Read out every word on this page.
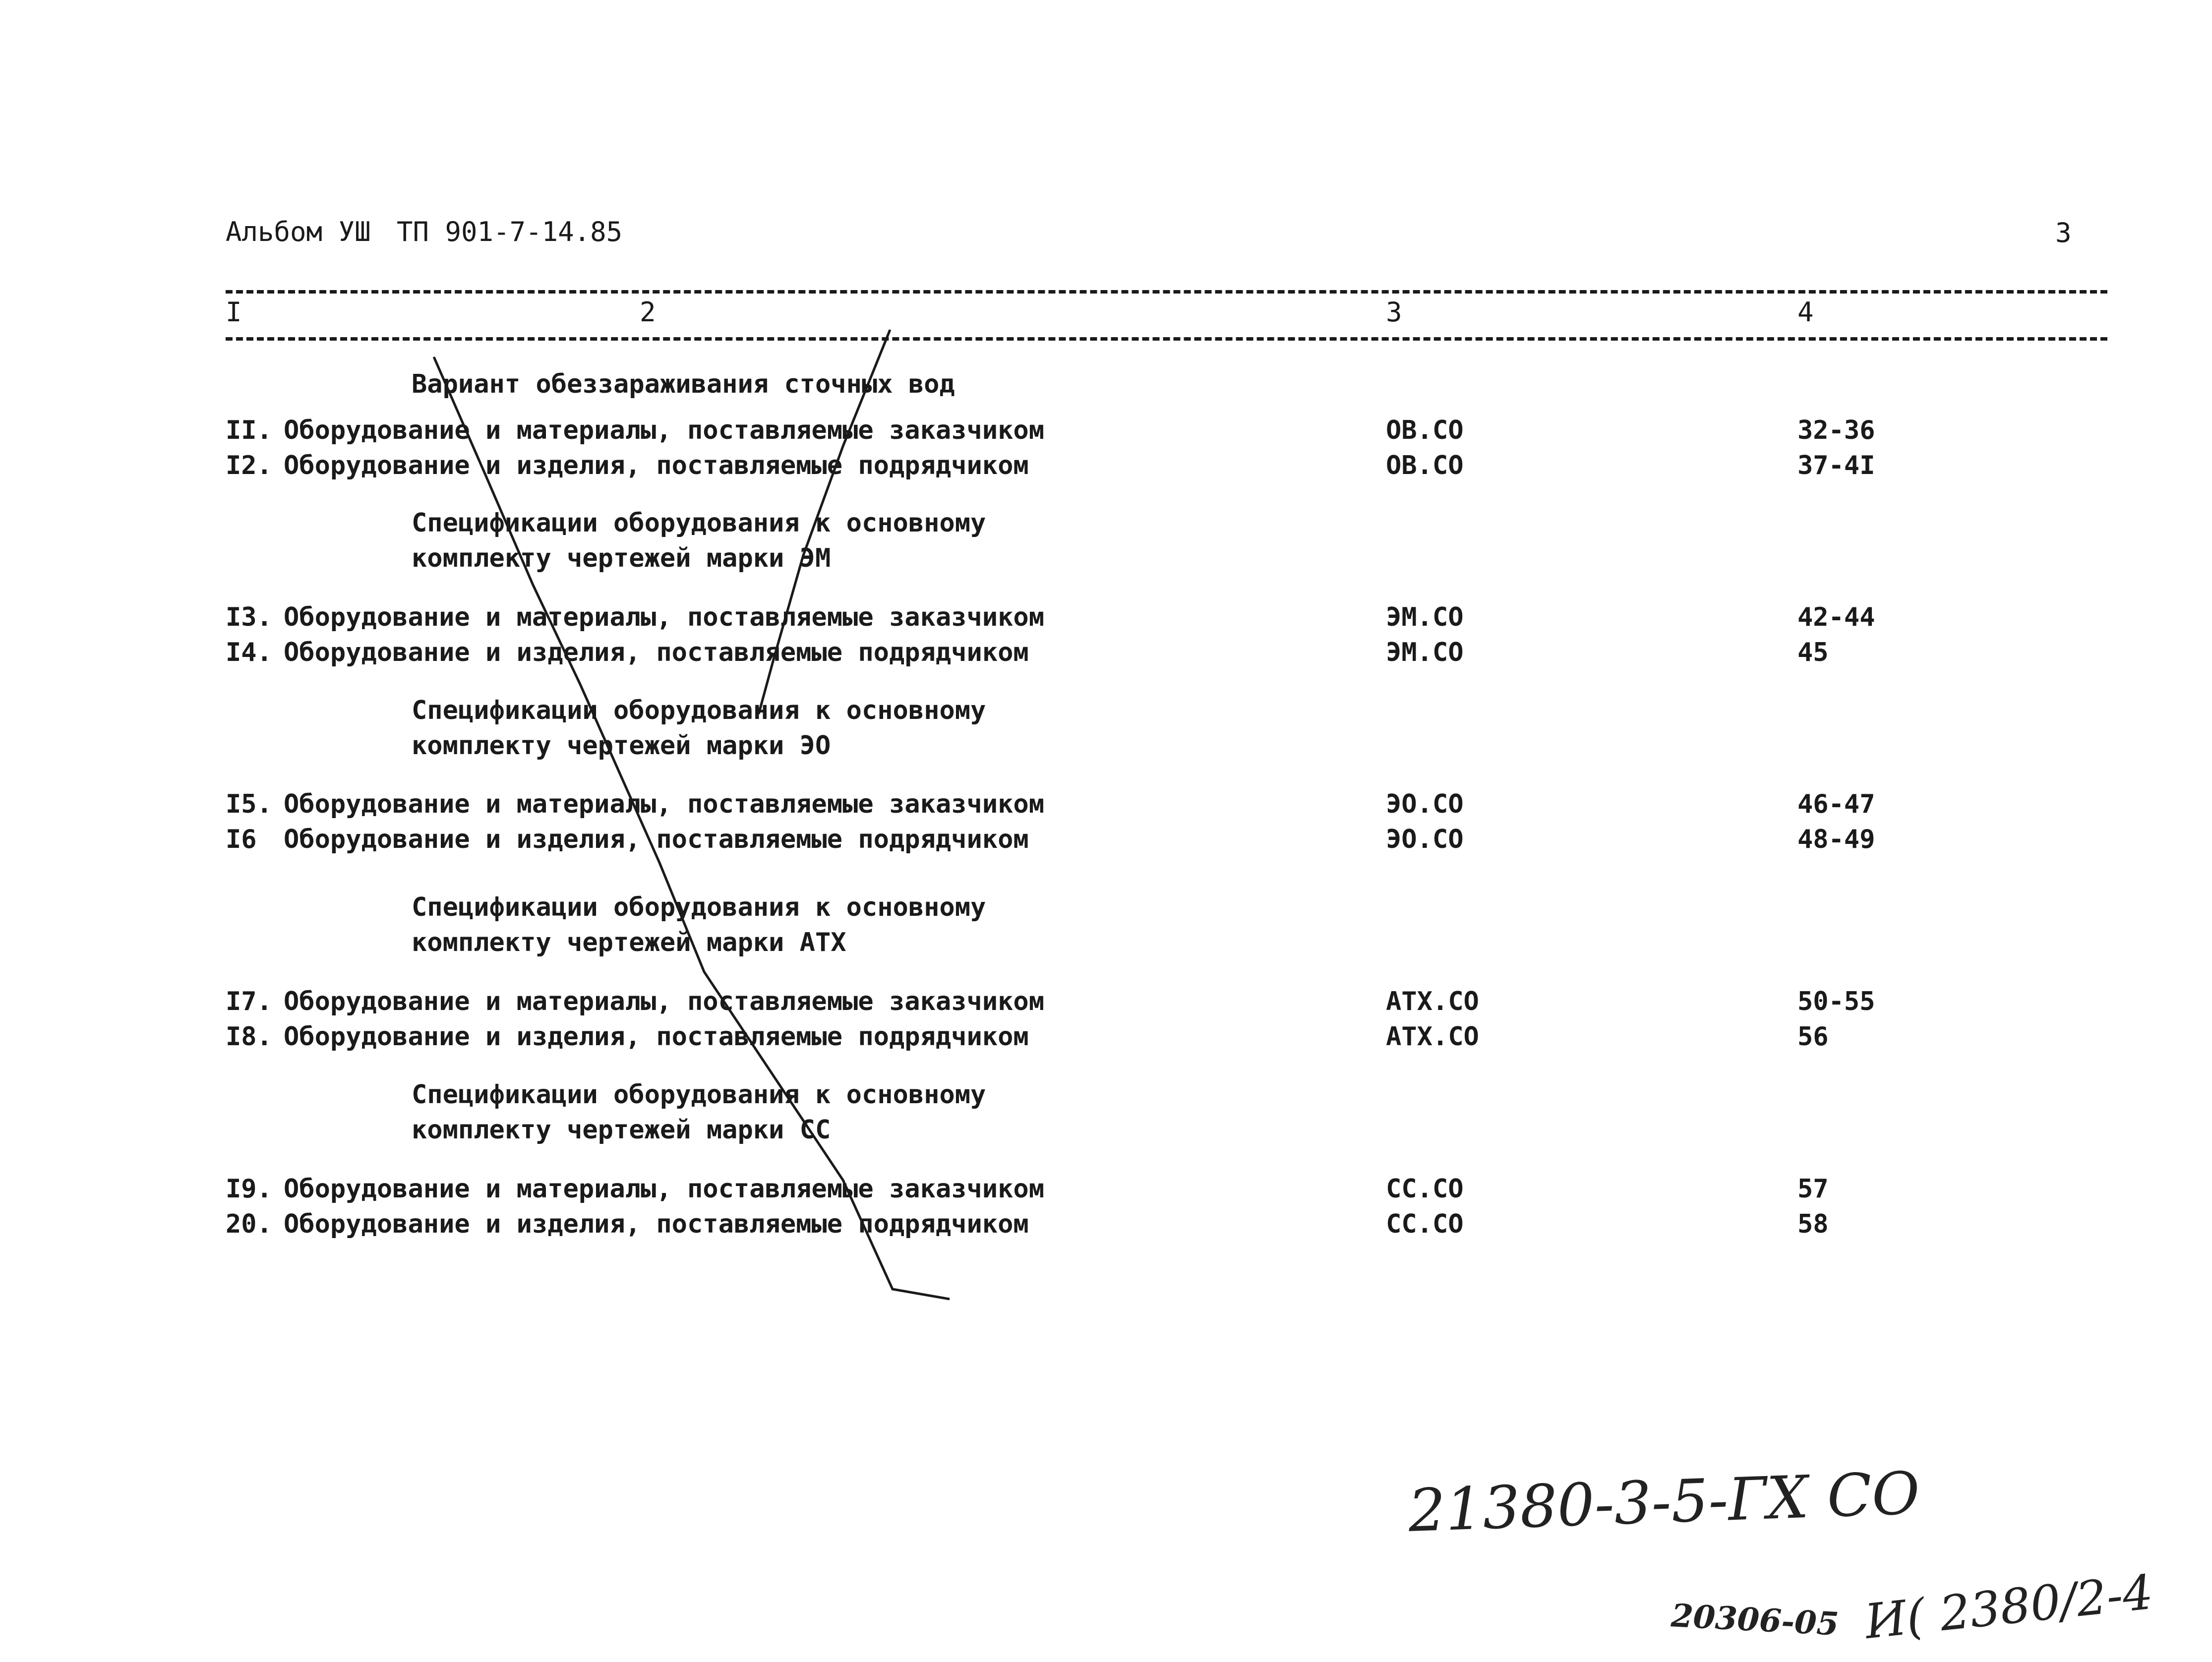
Альбом УШ ТП 901-7-14.85	3
I	2	3	4
Вариант обеззараживания сточных вод
II. Оборудование и материалы, поставляемые заказчиком	ОВ.СО	32-36
I2. Оборудование и изделия, поставляемые подрядчиком	ОВ.СО	37-4I
Спецификации оборудования к основному
комплекту чертежей марки ЭМ
I3. Оборудование и материалы, поставляемые заказчиком	ЭМ.СО	42-44
I4. Оборудование и изделия, поставляемые подрядчиком	ЭМ.СО	45
Спецификации оборудования к основному
комплекту чертежей марки ЭО
I5. Оборудование и материалы, поставляемые заказчиком	ЭО.СО	46-47
I6 Оборудование и изделия, поставляемые подрядчиком	ЭО.СО	48-49
Спецификации оборудования к основному
комплекту чертежей марки АТХ
I7. Оборудование и материалы, поставляемые заказчиком	АТХ.СО	50-55
I8. Оборудование и изделия, поставляемые подрядчиком	АТХ.СО	56
Спецификации оборудования к основному
комплекту чертежей марки СС
I9. Оборудование и материалы, поставляемые заказчиком	СС.СО	57
20. Оборудование и изделия, поставляемые подрядчиком	СС.СО	58
21380-3-5-ГХ СО
20306-05 И( 2380/2-4
